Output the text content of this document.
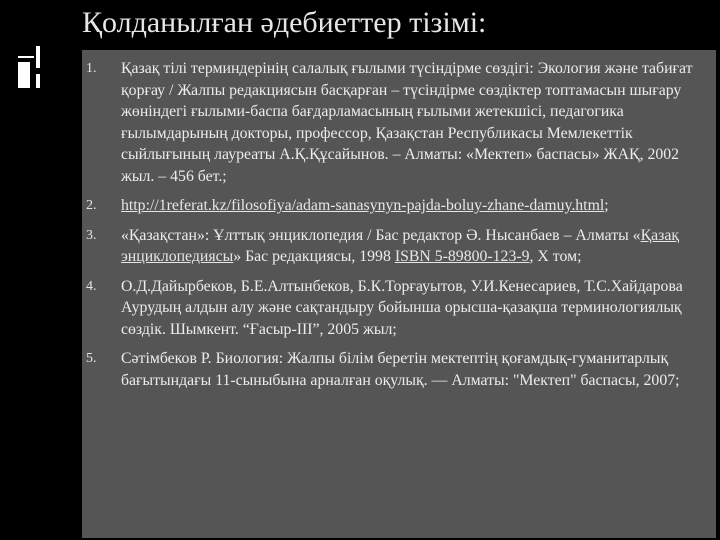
Қолданылған әдебиеттер тізімі:
1. Қазақ тілі терминдерінің салалық ғылыми түсіндірме сөздігі: Экология және табиғат қорғау / Жалпы редакциясын басқарған – түсіндірме сөздіктер топтамасын шығару жөніндегі ғылыми-баспа бағдарламасының ғылыми жетекшісі, педагогика ғылымдарының докторы, профессор, Қазақстан Республикасы Мемлекеттік сыйлығының лауреаты А.Қ.Құсайынов. – Алматы: «Мектеп» баспасы» ЖАҚ, 2002 жыл. – 456 бет.;
2. http://1referat.kz/filosofiya/adam-sanasynyn-pajda-boluy-zhane-damuy.html;
3. «Қазақстан»: Ұлттық энциклопедия / Бас редактор Ә. Нысанбаев – Алматы «Қазақ энциклопедиясы» Бас редакциясы, 1998 ISBN 5-89800-123-9, X том;
4. О.Д.Дайырбеков, Б.Е.Алтынбеков, Б.К.Торғауытов, У.И.Кенесариев, Т.С.Хайдарова Аурудың алдын алу және сақтандыру бойынша орысша-қазақша терминологиялық сөздік. Шымкент. “Ғасыр-ІІІ”, 2005 жыл;
5. Сәтімбеков Р. Биология: Жалпы білім беретін мектептің қоғамдық-гуманитарлық бағытындағы 11-сыныбына арналған оқулық. — Алматы: "Мектеп" баспасы, 2007;
